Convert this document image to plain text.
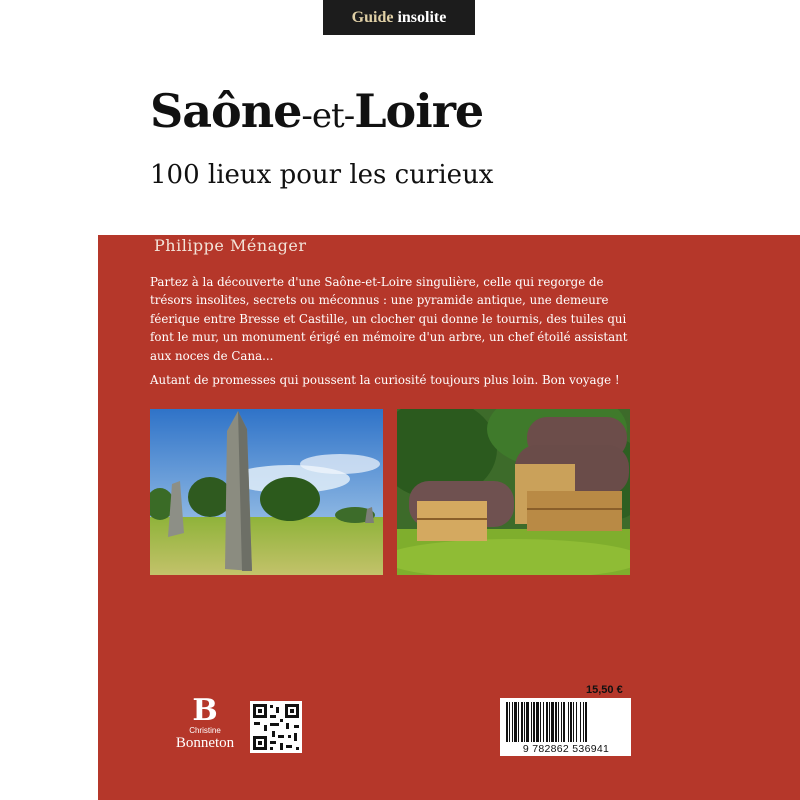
Guide insolite
Saône-et-Loire
100 lieux pour les curieux
Philippe Ménager

Partez à la découverte d'une Saône-et-Loire singulière, celle qui regorge de trésors insolites, secrets ou méconnus : une pyramide antique, une demeure féerique entre Bresse et Castille, un clocher qui donne le tournis, des tuiles qui font le mur, un monument érigé en mémoire d'un arbre, un chef étoilé assistant aux noces de Cana...

Autant de promesses qui poussent la curiosité toujours plus loin. Bon voyage !

B
Christine
Bonneton
15,50 €
9 782862 536941
